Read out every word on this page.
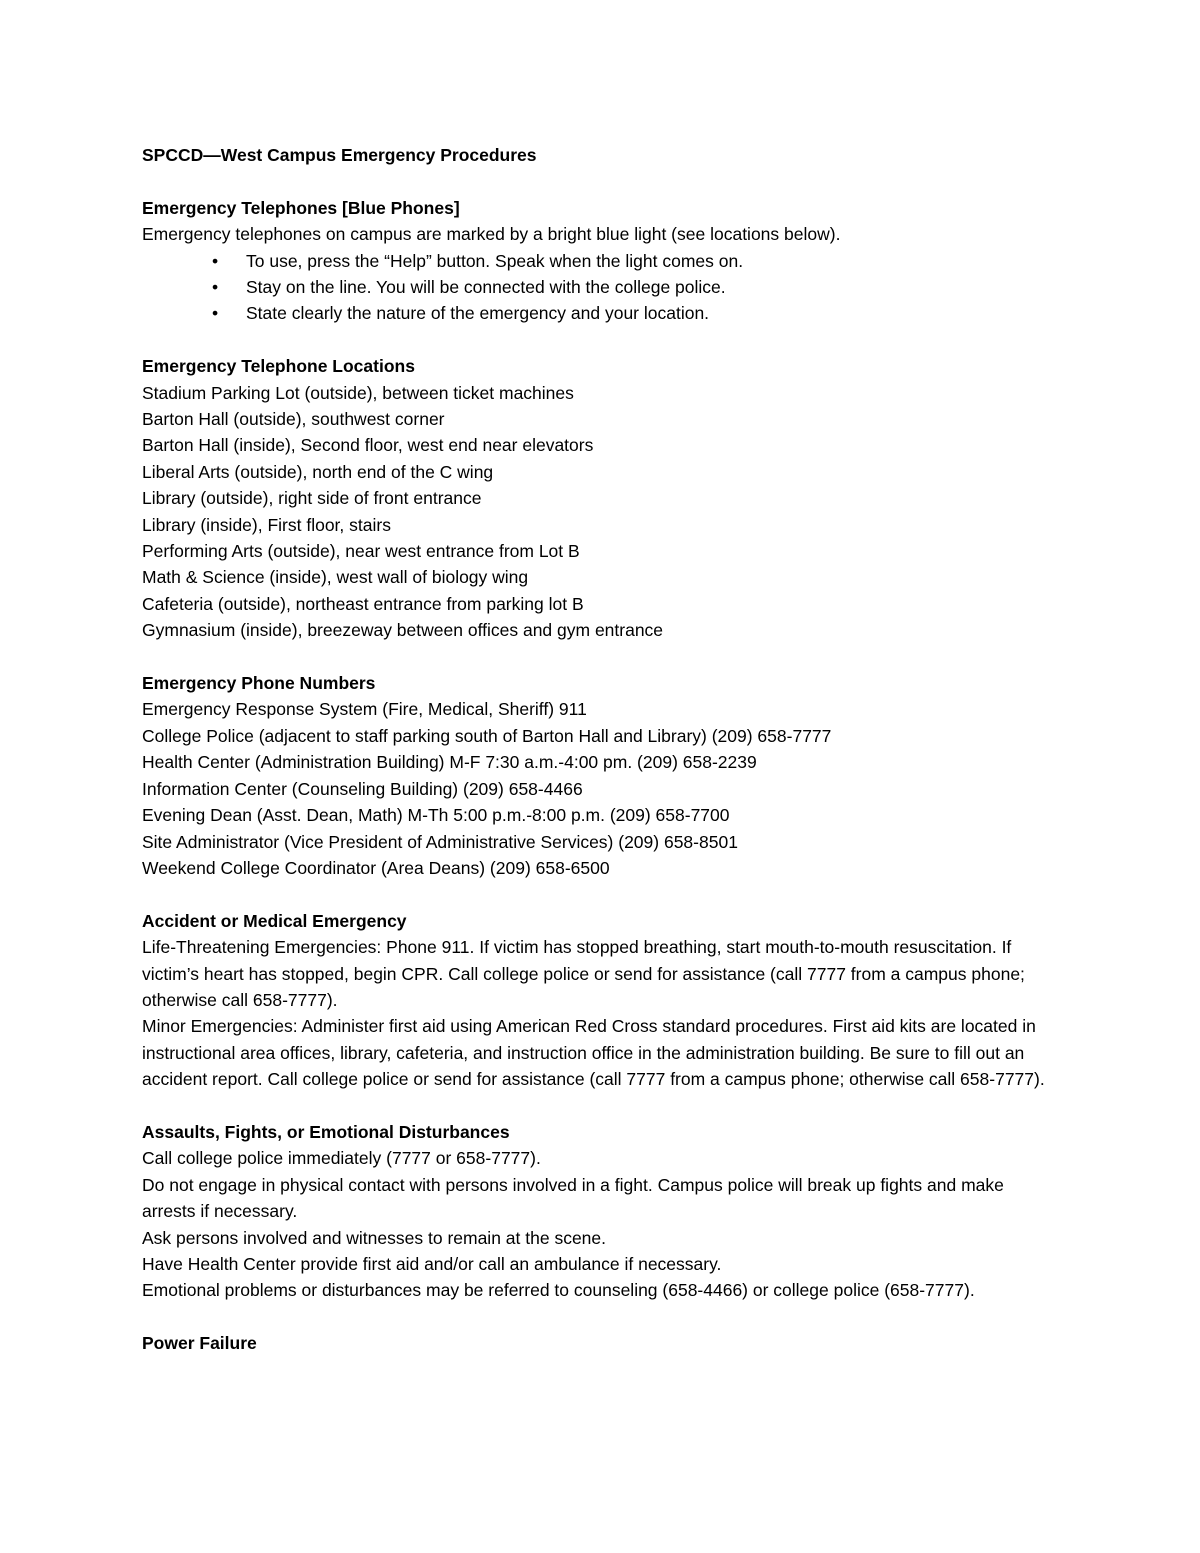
SPCCD—West Campus Emergency Procedures
Emergency Telephones [Blue Phones]
Emergency telephones on campus are marked by a bright blue light (see locations below).
• To use, press the “Help” button. Speak when the light comes on.
• Stay on the line. You will be connected with the college police.
• State clearly the nature of the emergency and your location.
Emergency Telephone Locations
Stadium Parking Lot (outside), between ticket machines
Barton Hall (outside), southwest corner
Barton Hall (inside), Second floor, west end near elevators
Liberal Arts (outside), north end of the C wing
Library (outside), right side of front entrance
Library (inside), First floor, stairs
Performing Arts (outside), near west entrance from Lot B
Math & Science (inside), west wall of biology wing
Cafeteria (outside), northeast entrance from parking lot B
Gymnasium (inside), breezeway between offices and gym entrance
Emergency Phone Numbers
Emergency Response System (Fire, Medical, Sheriff) 911
College Police (adjacent to staff parking south of Barton Hall and Library) (209) 658-7777
Health Center (Administration Building) M-F 7:30 a.m.-4:00 pm. (209) 658-2239
Information Center (Counseling Building) (209) 658-4466
Evening Dean (Asst. Dean, Math) M-Th 5:00 p.m.-8:00 p.m. (209) 658-7700
Site Administrator (Vice President of Administrative Services) (209) 658-8501
Weekend College Coordinator (Area Deans) (209) 658-6500
Accident or Medical Emergency
Life-Threatening Emergencies: Phone 911. If victim has stopped breathing, start mouth-to-mouth resuscitation. If victim’s heart has stopped, begin CPR. Call college police or send for assistance (call 7777 from a campus phone; otherwise call 658-7777).
Minor Emergencies: Administer first aid using American Red Cross standard procedures. First aid kits are located in instructional area offices, library, cafeteria, and instruction office in the administration building. Be sure to fill out an accident report. Call college police or send for assistance (call 7777 from a campus phone; otherwise call 658-7777).
Assaults, Fights, or Emotional Disturbances
Call college police immediately (7777 or 658-7777).
Do not engage in physical contact with persons involved in a fight. Campus police will break up fights and make arrests if necessary.
Ask persons involved and witnesses to remain at the scene.
Have Health Center provide first aid and/or call an ambulance if necessary.
Emotional problems or disturbances may be referred to counseling (658-4466) or college police (658-7777).
Power Failure
